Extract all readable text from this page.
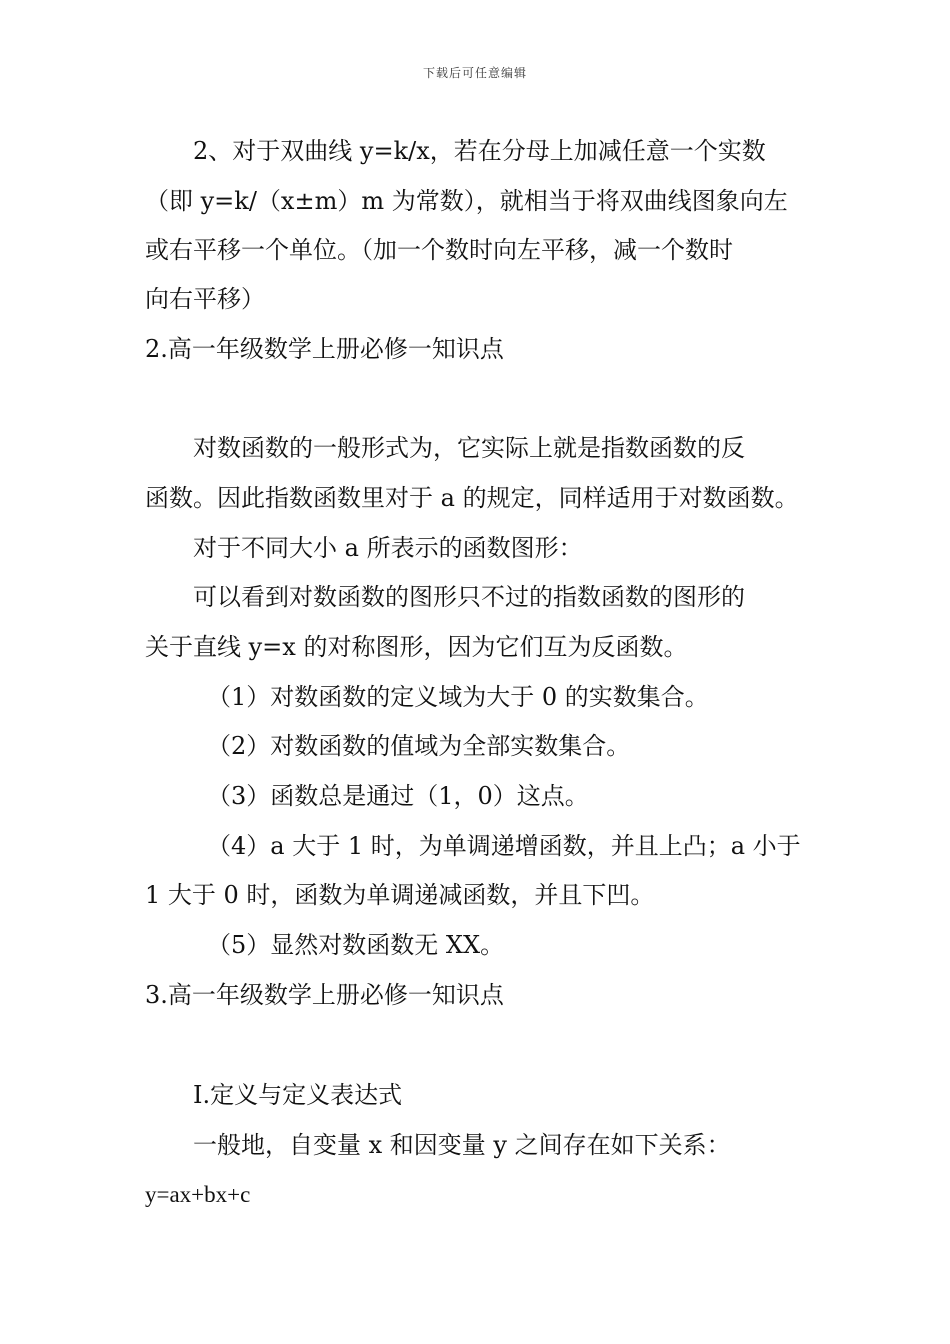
下载后可任意编辑
2、对于双曲线 y=k/x，若在分母上加减任意一个实数
（即 y=k/（x±m）m 为常数），就相当于将双曲线图象向左
或右平移一个单位。（加一个数时向左平移，减一个数时
向右平移）
2.高一年级数学上册必修一知识点
对数函数的一般形式为，它实际上就是指数函数的反
函数。因此指数函数里对于 a 的规定，同样适用于对数函数。
对于不同大小 a 所表示的函数图形：
可以看到对数函数的图形只不过的指数函数的图形的
关于直线 y=x 的对称图形，因为它们互为反函数。
（1）对数函数的定义域为大于 0 的实数集合。
（2）对数函数的值域为全部实数集合。
（3）函数总是通过（1，0）这点。
（4）a 大于 1 时，为单调递增函数，并且上凸；a 小于
1 大于 0 时，函数为单调递减函数，并且下凹。
（5）显然对数函数无 XX。
3.高一年级数学上册必修一知识点
I.定义与定义表达式
一般地，自变量 x 和因变量 y 之间存在如下关系：
y=ax+bx+c
